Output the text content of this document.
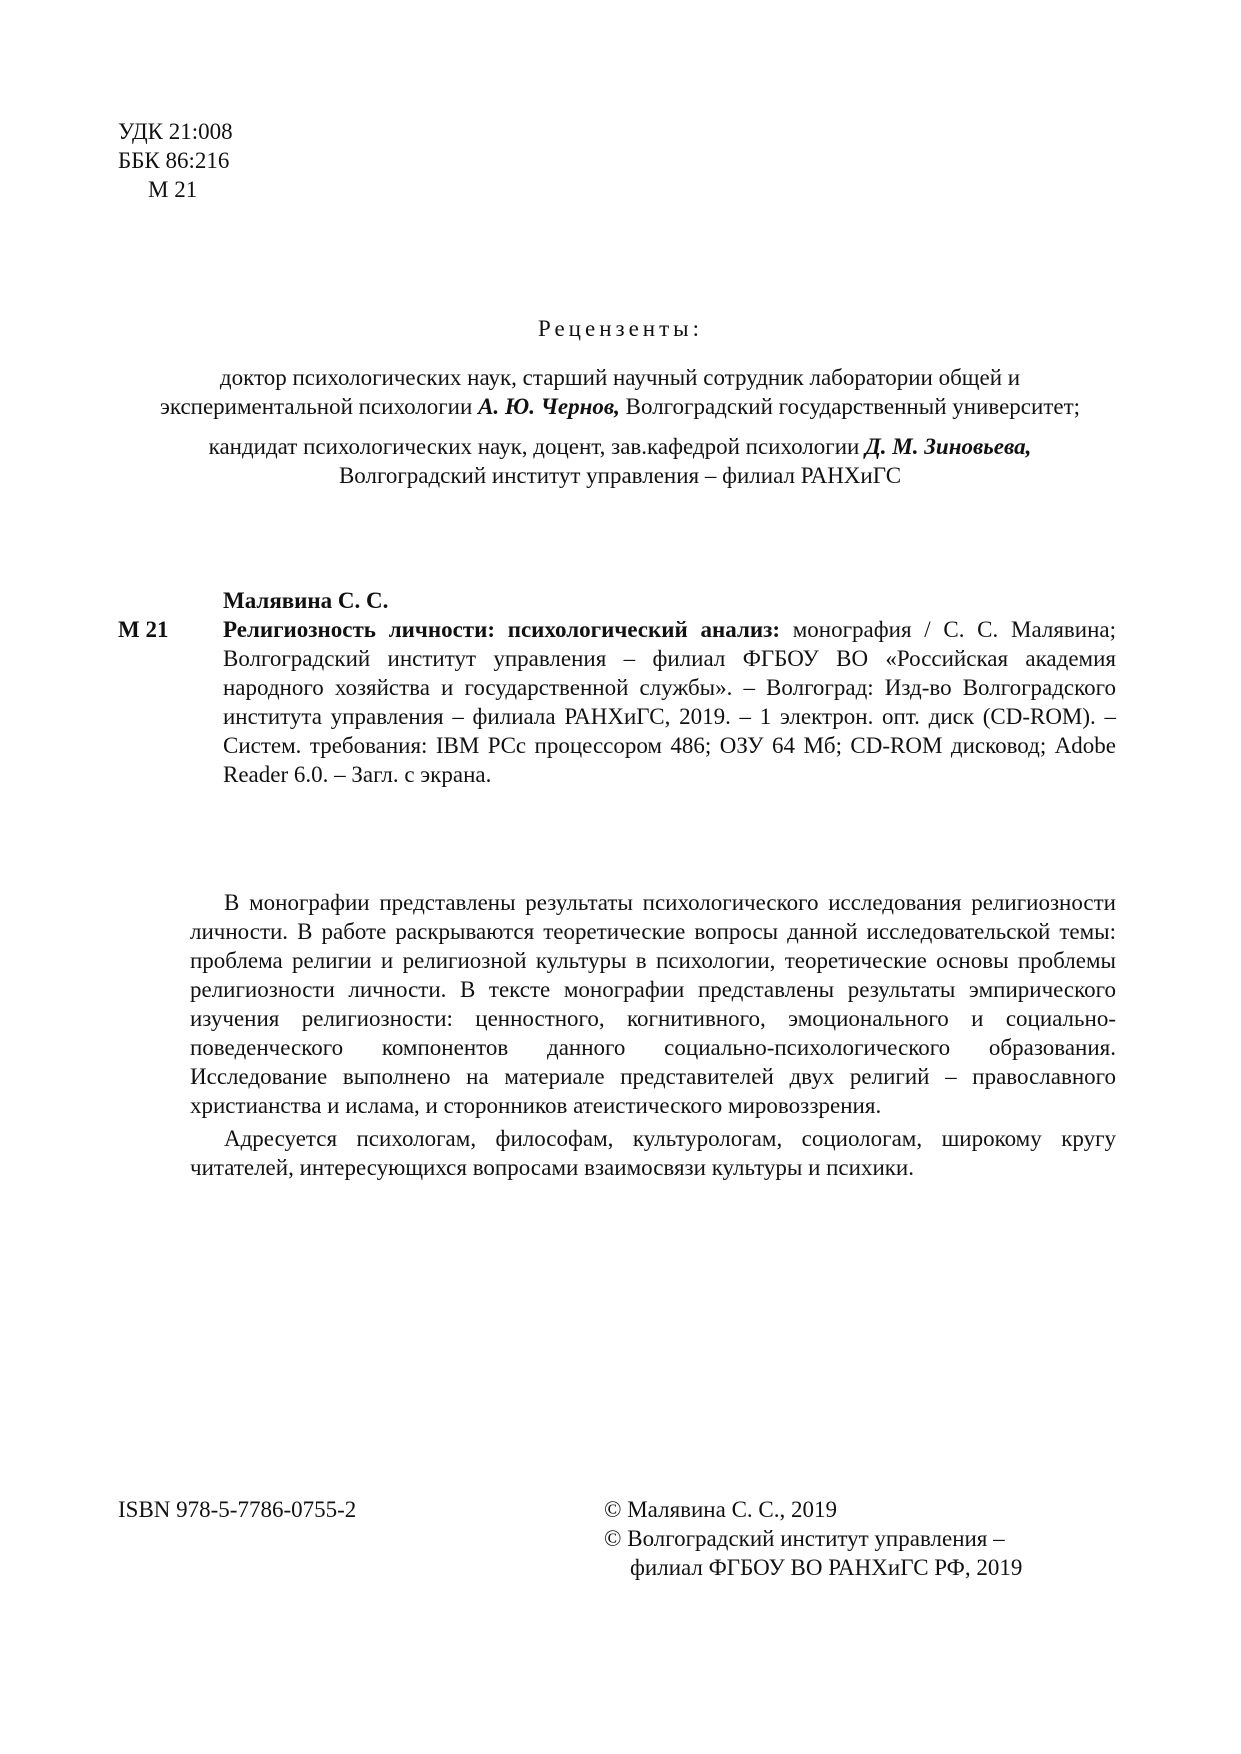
УДК 21:008
ББК 86:216
М 21
Рецензенты:
доктор психологических наук, старший научный сотрудник лаборатории общей и экспериментальной психологии А. Ю. Чернов, Волгоградский государственный университет;
кандидат психологических наук, доцент, зав.кафедрой психологии Д. М. Зиновьева,
Волгоградский институт управления – филиал РАНХиГС
Малявина С. С.
М 21 Религиозность личности: психологический анализ: монография / С. С. Малявина; Волгоградский институт управления – филиал ФГБОУ ВО «Российская академия народного хозяйства и государственной службы». – Волгоград: Изд-во Волгоградского института управления – филиала РАНХиГС, 2019. – 1 электрон. опт. диск (CD-ROM). – Систем. требования: IBM PCс процессором 486; ОЗУ 64 Мб; CD-ROM дисковод; Adobe Reader 6.0. – Загл. с экрана.

В монографии представлены результаты психологического исследования религиозности личности. В работе раскрываются теоретические вопросы данной исследовательской темы: проблема религии и религиозной культуры в психологии, теоретические основы проблемы религиозности личности. В тексте монографии представлены результаты эмпирического изучения религиозности: ценностного, когнитивного, эмоционального и социально-поведенческого компонентов данного социально-психологического образования. Исследование выполнено на материале представителей двух религий – православного христианства и ислама, и сторонников атеистического мировоззрения.

Адресуется психологам, философам, культурологам, социологам, широкому кругу читателей, интересующихся вопросами взаимосвязи культуры и психики.

ISBN 978-5-7786-0755-2	© Малявина С. С., 2019
© Волгоградский институт управления –
филиал ФГБОУ ВО РАНХиГС РФ, 2019
